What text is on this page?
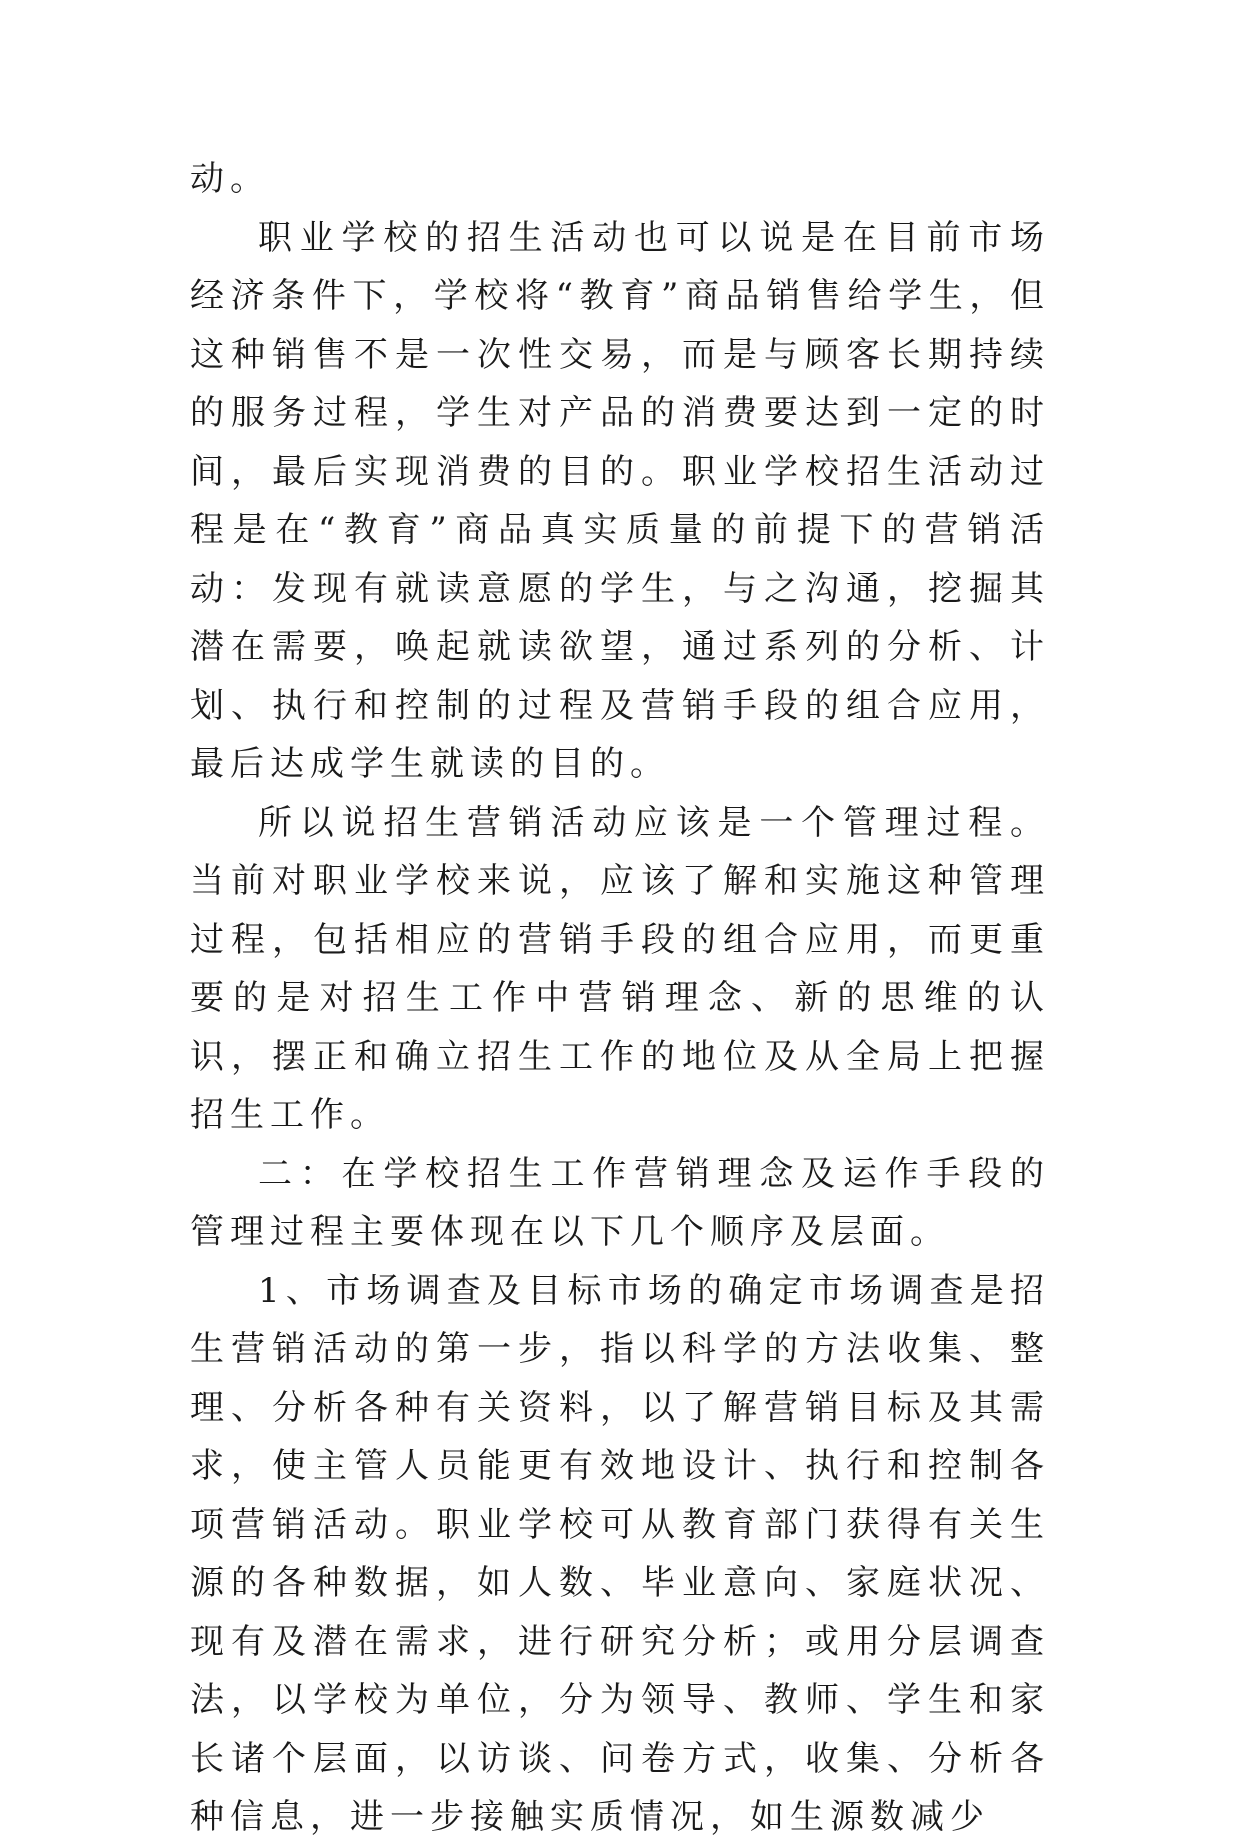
动。

职业学校的招生活动也可以说是在目前市场经济条件下，学校将“教育”商品销售给学生，但这种销售不是一次性交易，而是与顾客长期持续的服务过程，学生对产品的消费要达到一定的时间，最后实现消费的目的。职业学校招生活动过程是在“教育”商品真实质量的前提下的营销活动：发现有就读意愿的学生，与之沟通，挖掘其潜在需要，唤起就读欲望，通过系列的分析、计划、执行和控制的过程及营销手段的组合应用，最后达成学生就读的目的。

所以说招生营销活动应该是一个管理过程。当前对职业学校来说，应该了解和实施这种管理过程，包括相应的营销手段的组合应用，而更重要的是对招生工作中营销理念、新的思维的认识，摆正和确立招生工作的地位及从全局上把握招生工作。

二：在学校招生工作营销理念及运作手段的管理过程主要体现在以下几个顺序及层面。

1、市场调查及目标市场的确定市场调查是招生营销活动的第一步，指以科学的方法收集、整理、分析各种有关资料，以了解营销目标及其需求，使主管人员能更有效地设计、执行和控制各项营销活动。职业学校可从教育部门获得有关生源的各种数据，如人数、毕业意向、家庭状况、现有及潜在需求，进行研究分析；或用分层调查法，以学校为单位，分为领导、教师、学生和家长诸个层面，以访谈、问卷方式，收集、分析各种信息，进一步接触实质情况，如生源数减少
